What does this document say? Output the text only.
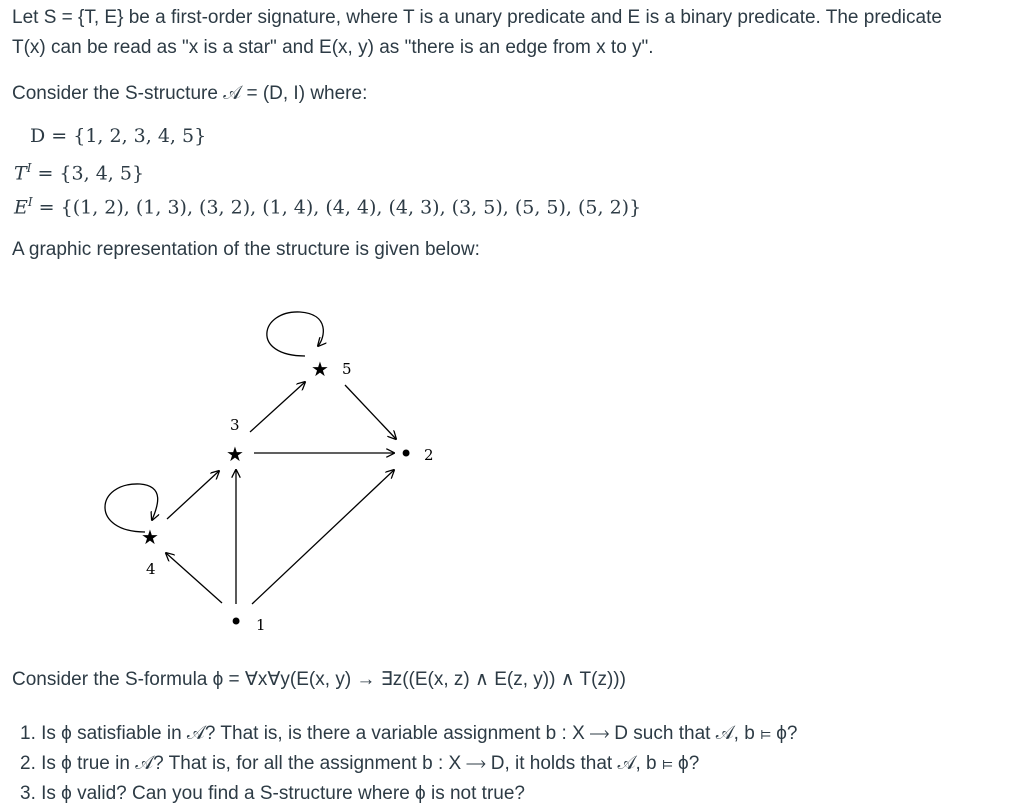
Let S = {T, E} be a first-order signature, where T is a unary predicate and E is a binary predicate. The predicate
T(x) can be read as "x is a star" and E(x, y) as "there is an edge from x to y".
Consider the S-structure 𝒜 = (D, I) where:
D = {1, 2, 3, 4, 5}
$T^I = \{3$, 4, 5}
$E^I = \{(1$, 2), (1, 3), (3, 2), (1, 4), (4, 4), (4, 3), (3, 5), (5, 5), (5, 2)}
A graphic representation of the structure is given below:
★ 5
3
★	• 2
★
4
• 1
Consider the S-formula ϕ = ∀x∀y(E(x, y) → ∃z((E(x, z) ∧ E(z, y)) ∧ T(z)))
1. Is ϕ satisfiable in 𝒜? That is, is there a variable assignment b : X ⟶ D such that 𝒜, b ⊨ ϕ?
2. Is ϕ true in 𝒜? That is, for all the assignment b : X ⟶ D, it holds that 𝒜, b ⊨ ϕ?
3. Is ϕ valid? Can you find a S-structure where ϕ is not true?
